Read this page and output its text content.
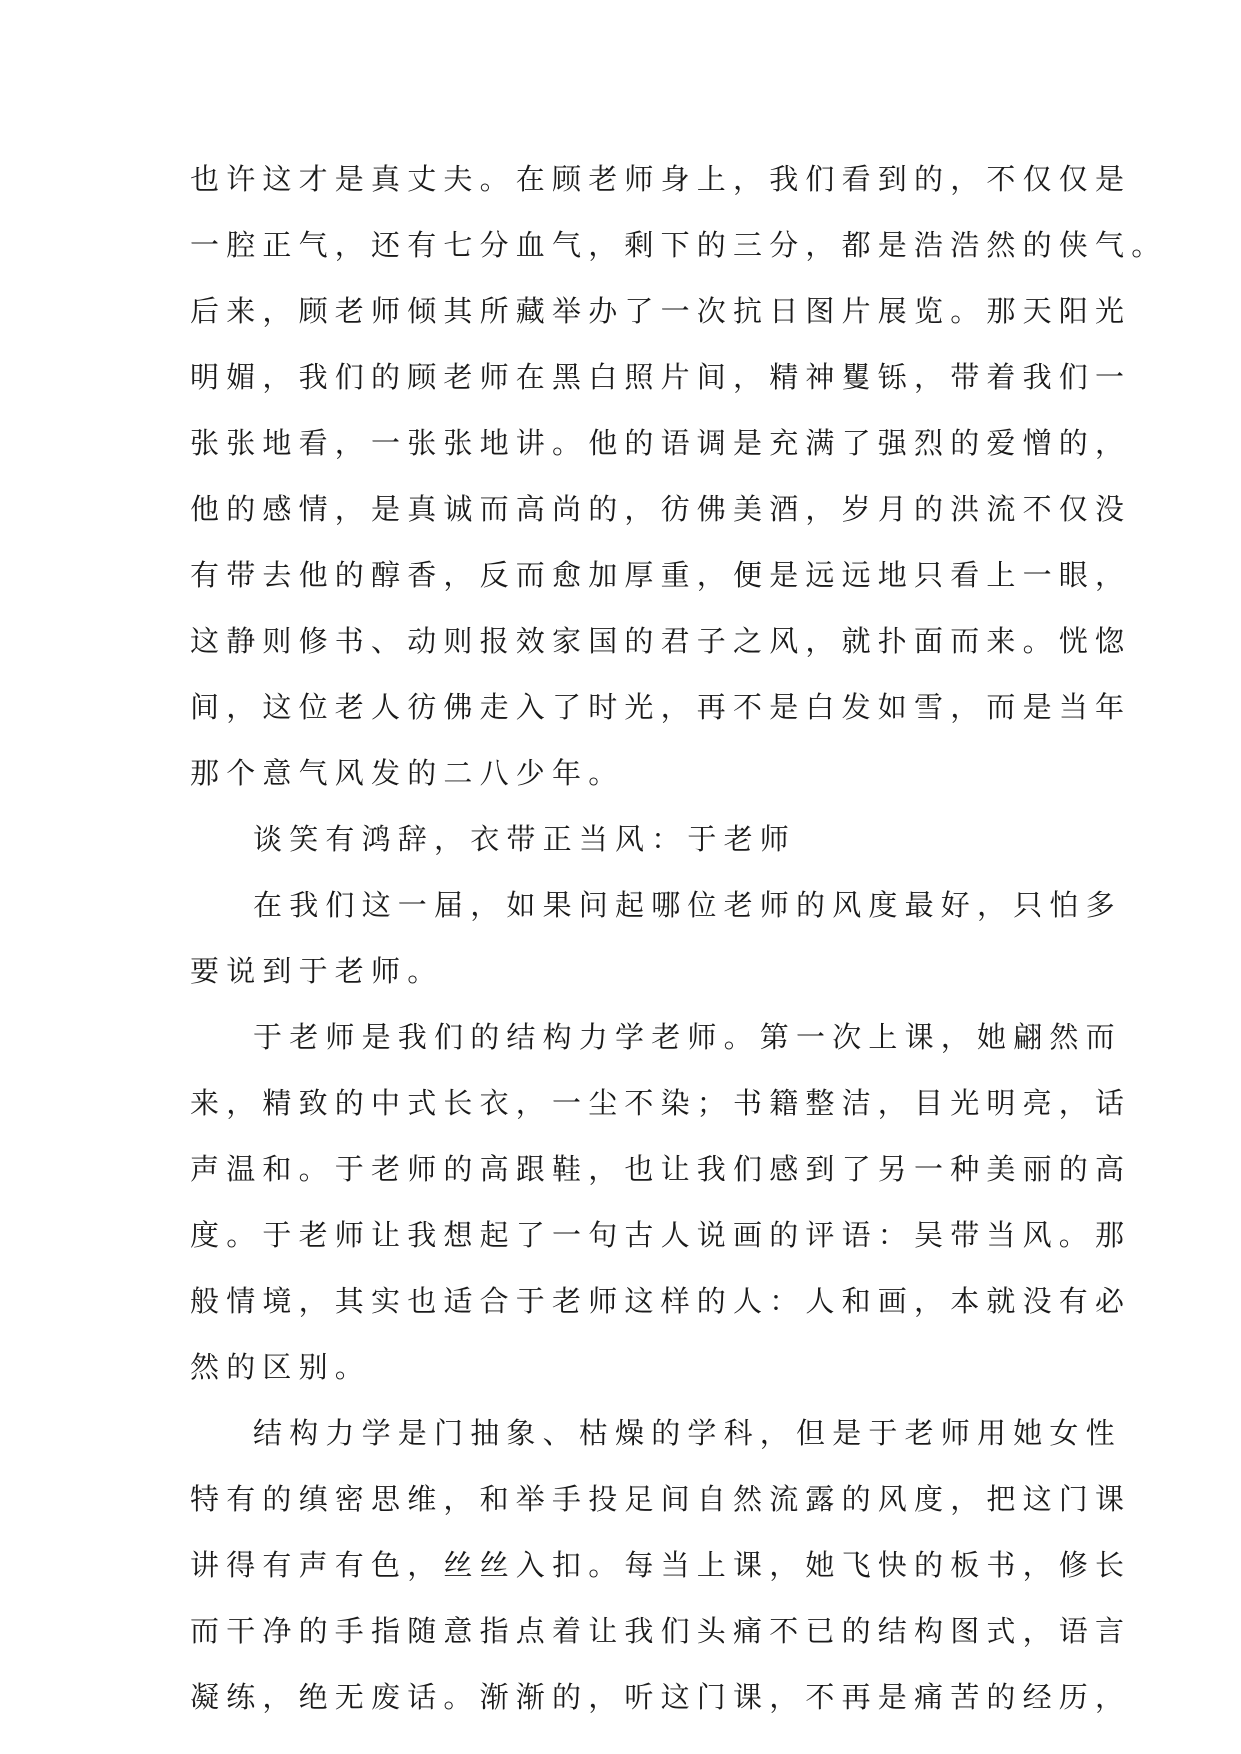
也许这才是真丈夫。在顾老师身上，我们看到的，不仅仅是
一腔正气，还有七分血气，剩下的三分，都是浩浩然的侠气。
后来，顾老师倾其所藏举办了一次抗日图片展览。那天阳光
明媚，我们的顾老师在黑白照片间，精神矍铄，带着我们一
张张地看，一张张地讲。他的语调是充满了强烈的爱憎的，
他的感情，是真诚而高尚的，彷佛美酒，岁月的洪流不仅没
有带去他的醇香，反而愈加厚重，便是远远地只看上一眼，
这静则修书、动则报效家国的君子之风，就扑面而来。恍惚
间，这位老人彷佛走入了时光，再不是白发如雪，而是当年
那个意气风发的二八少年。
谈笑有鸿辞，衣带正当风：于老师
在我们这一届，如果问起哪位老师的风度最好，只怕多
要说到于老师。
于老师是我们的结构力学老师。第一次上课，她翩然而
来，精致的中式长衣，一尘不染；书籍整洁，目光明亮，话
声温和。于老师的高跟鞋，也让我们感到了另一种美丽的高
度。于老师让我想起了一句古人说画的评语：吴带当风。那
般情境，其实也适合于老师这样的人：人和画，本就没有必
然的区别。
结构力学是门抽象、枯燥的学科，但是于老师用她女性
特有的缜密思维，和举手投足间自然流露的风度，把这门课
讲得有声有色，丝丝入扣。每当上课，她飞快的板书，修长
而干净的手指随意指点着让我们头痛不已的结构图式，语言
凝练，绝无废话。渐渐的，听这门课，不再是痛苦的经历，
